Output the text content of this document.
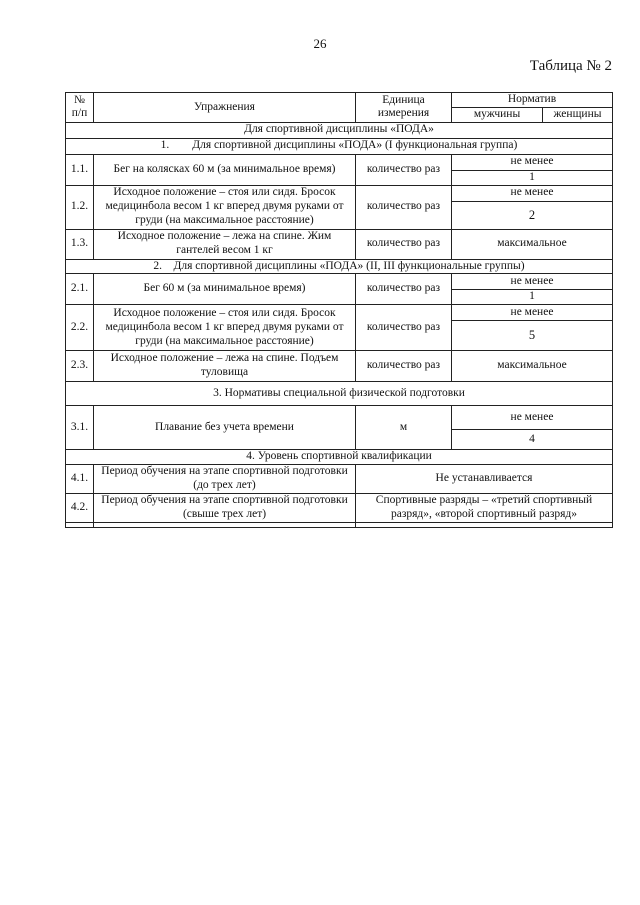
26
Таблица № 2
№ п/п	Упражнения	Единица измерения	Норматив	
			мужчины	женщины
Для спортивной дисциплины «ПОДА»				
1.  Для спортивной дисциплины «ПОДА» (I функциональная группа)				
1.1.	Бег на колясках 60 м (за минимальное время)	количество раз	не менее	
			1	
1.2.	Исходное положение – стоя или сидя. Бросок медицинбола весом 1 кг вперед двумя руками от груди (на максимальное расстояние)	количество раз	не менее	
			2	
1.3.	Исходное положение – лежа на спине. Жим гантелей весом 1 кг	количество раз	максимальное	
2. Для спортивной дисциплины «ПОДА» (II, III функциональные группы)				
2.1.	Бег 60 м (за минимальное время)	количество раз	не менее	
			1	
2.2.	Исходное положение – стоя или сидя. Бросок медицинбола весом 1 кг вперед двумя руками от груди (на максимальное расстояние)	количество раз	не менее	
			5	
2.3.	Исходное положение – лежа на спине. Подъем туловища	количество раз	максимальное	
3. Нормативы специальной физической подготовки				
3.1.	Плавание без учета времени	м	не менее	
			4	
4. Уровень спортивной квалификации				
4.1.	Период обучения на этапе спортивной подготовки (до трех лет)	Не устанавливается		
4.2.	Период обучения на этапе спортивной подготовки (свыше трех лет)	Спортивные разряды – «третий спортивный разряд», «второй спортивный разряд»		
